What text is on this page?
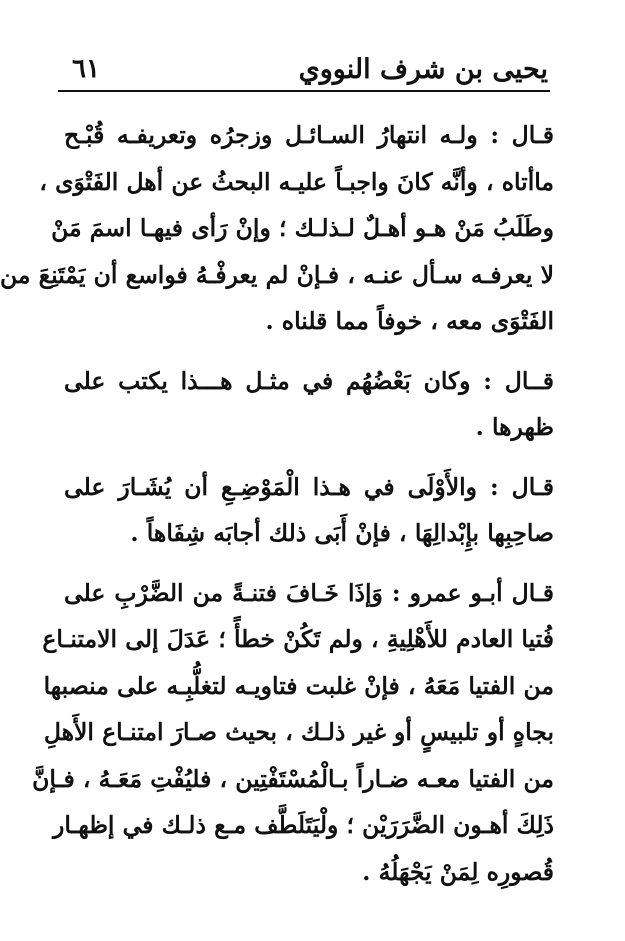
يحيى بن شرف النووي
٦١
قـال : ولـه انتهارُ السـائـل وزجرُه وتعريفـه قُبْـح
ماأتاه ، وأنَّه كانَ واجبـاً عليـه البحثُ عن أهل الفَتْوَى ،
وطَلَبُ مَنْ هـو أهـلٌ لـذلـك ؛ وإنْ رَأى فيهـا اسمَ مَنْ
لا يعرفـه سـأل عنـه ، فـإنْ لم يعرفْـهُ فواسع أن يَمْتَنِعَ من
الفَتْوَى معه ، خوفاً مما قلناه .
قــال : وكان بَعْضُهُم في مثـل هـــذا يكتب على
ظهرها .
قـال : والأَوْلَى في هـذا الْمَوْضِـعِ أن يُشَـارَ على
صاحِبِها بإِبْدالِهَا ، فإنْ أَبَى ذلك أجابَه شِفَاهاً .
قـال أبـو عمرو : وَإذَا خَـافَ فتنـةً من الضَّرْبِ على
فُتيا العادم للأَهْلِيةِ ، ولم تَكُنْ خطأً ؛ عَدَلَ إلى الامتنـاع
من الفتيا مَعَهُ ، فإنْ غلبت فتاويـه لتغلُّبِـه على منصبها
بجاهٍ أو تلبيسٍ أو غير ذلـك ، بحيث صـارَ امتنـاع الأَهلِ
من الفتيا معـه ضـاراً بـالْمُسْتَفْتِين ، فليُفْتِ مَعَـهُ ، فـإنَّ
ذَلِكَ أهـون الضَّرَرَيْن ؛ ولْيَتَلَطَّف مـع ذلـك في إظهـار
قُصورِه لِمَنْ يَجْهَلُهُ .
